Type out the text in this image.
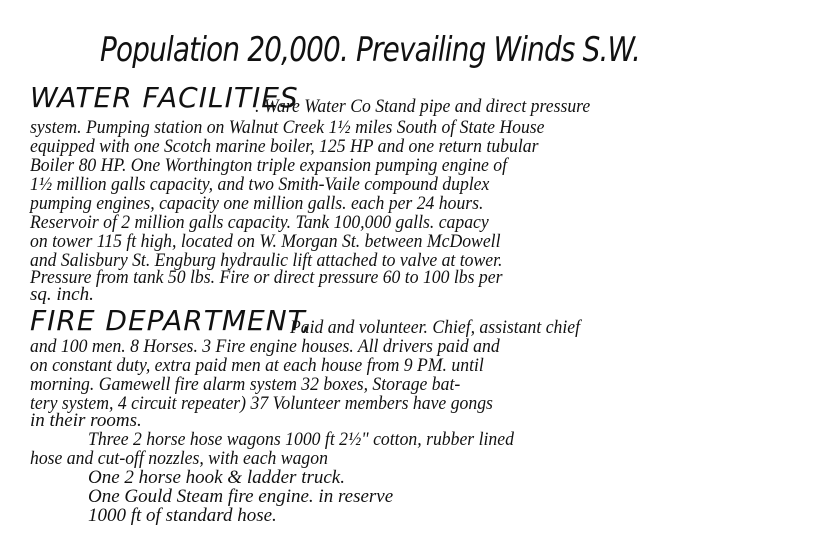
Population 20,000. Prevailing Winds S.W.
WATER FACILITIES
. Ware Water Co Stand pipe and direct pressure
system. Pumping station on Walnut Creek 1½ miles South of State House
equipped with one Scotch marine boiler, 125 HP and one return tubular
Boiler 80 HP. One Worthington triple expansion pumping engine of
1½ million galls capacity, and two Smith-Vaile compound duplex
pumping engines, capacity one million galls. each per 24 hours.
Reservoir of 2 million galls capacity. Tank 100,000 galls. capacy
on tower 115 ft high, located on W. Morgan St. between McDowell
and Salisbury St. Engburg hydraulic lift attached to valve at tower.
Pressure from tank 50 lbs. Fire or direct pressure 60 to 100 lbs per
sq. inch.
FIRE DEPARTMENT,
Paid and volunteer. Chief, assistant chief
and 100 men. 8 Horses. 3 Fire engine houses. All drivers paid and
on constant duty, extra paid men at each house from 9 PM. until
morning. Gamewell fire alarm system 32 boxes, Storage bat-
tery system, 4 circuit repeater) 37 Volunteer members have gongs
in their rooms.
Three 2 horse hose wagons 1000 ft 2½" cotton, rubber lined
hose and cut-off nozzles, with each wagon
One 2 horse hook & ladder truck.
One Gould Steam fire engine. in reserve
1000 ft of standard hose.
